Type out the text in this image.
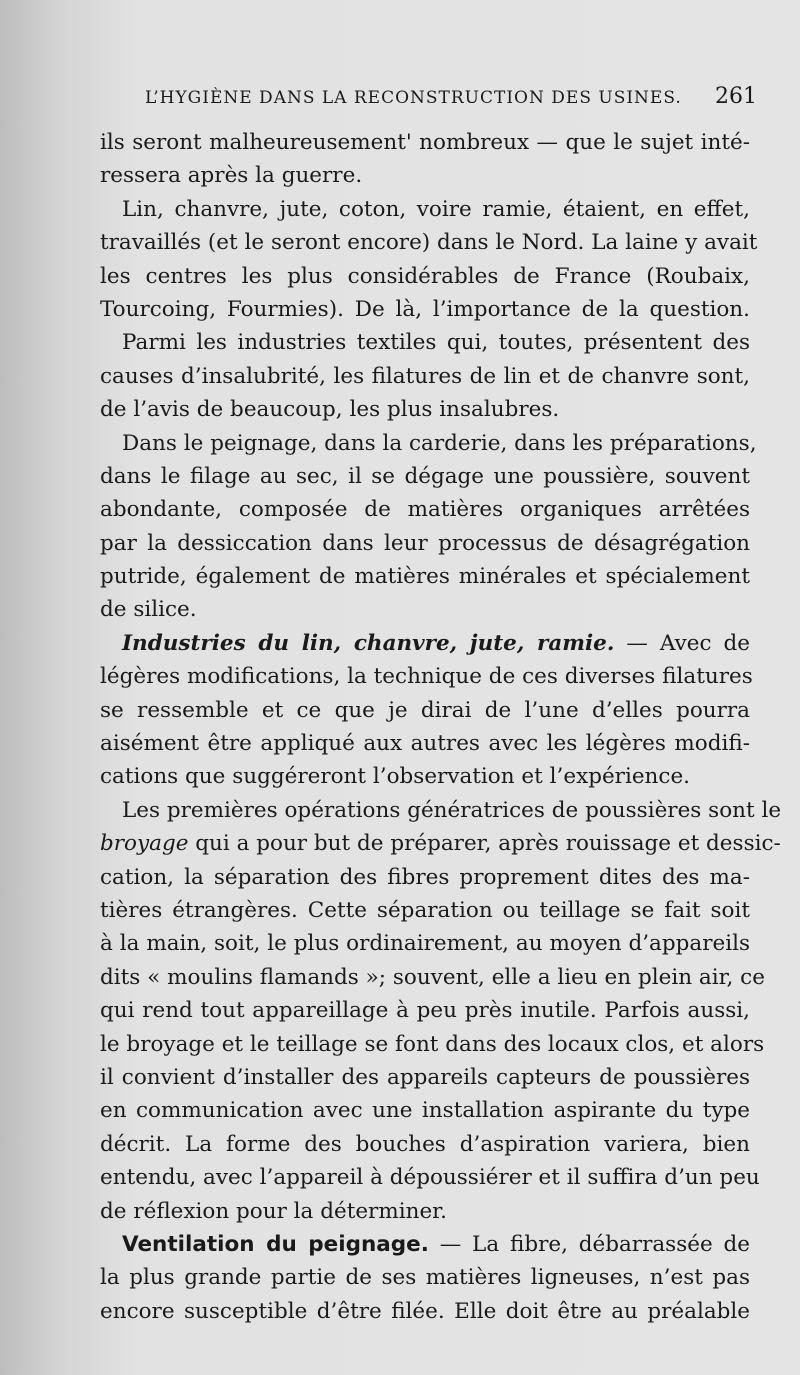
L’HYGIÈNE DANS LA RECONSTRUCTION DES USINES. 261
ils seront malheureusement' nombreux — que le sujet inté-
ressera après la guerre.
Lin, chanvre, jute, coton, voire ramie, étaient, en effet,
travaillés (et le seront encore) dans le Nord. La laine y avait
les centres les plus considérables de France (Roubaix,
Tourcoing, Fourmies). De là, l’importance de la question.
Parmi les industries textiles qui, toutes, présentent des
causes d’insalubrité, les filatures de lin et de chanvre sont,
de l’avis de beaucoup, les plus insalubres.
Dans le peignage, dans la carderie, dans les préparations,
dans le filage au sec, il se dégage une poussière, souvent
abondante, composée de matières organiques arrêtées
par la dessiccation dans leur processus de désagrégation
putride, également de matières minérales et spécialement
de silice.
Industries du lin, chanvre, jute, ramie. — Avec de
légères modifications, la technique de ces diverses filatures
se ressemble et ce que je dirai de l’une d’elles pourra
aisément être appliqué aux autres avec les légères modifi-
cations que suggéreront l’observation et l’expérience.
Les premières opérations génératrices de poussières sont le
broyage qui a pour but de préparer, après rouissage et dessic-
cation, la séparation des fibres proprement dites des ma-
tières étrangères. Cette séparation ou teillage se fait soit
à la main, soit, le plus ordinairement, au moyen d’appareils
dits « moulins flamands »; souvent, elle a lieu en plein air, ce
qui rend tout appareillage à peu près inutile. Parfois aussi,
le broyage et le teillage se font dans des locaux clos, et alors
il convient d’installer des appareils capteurs de poussières
en communication avec une installation aspirante du type
décrit. La forme des bouches d’aspiration variera, bien
entendu, avec l’appareil à dépoussiérer et il suffira d’un peu
de réflexion pour la déterminer.
Ventilation du peignage. — La fibre, débarrassée de
la plus grande partie de ses matières ligneuses, n’est pas
encore susceptible d’être filée. Elle doit être au préalable
